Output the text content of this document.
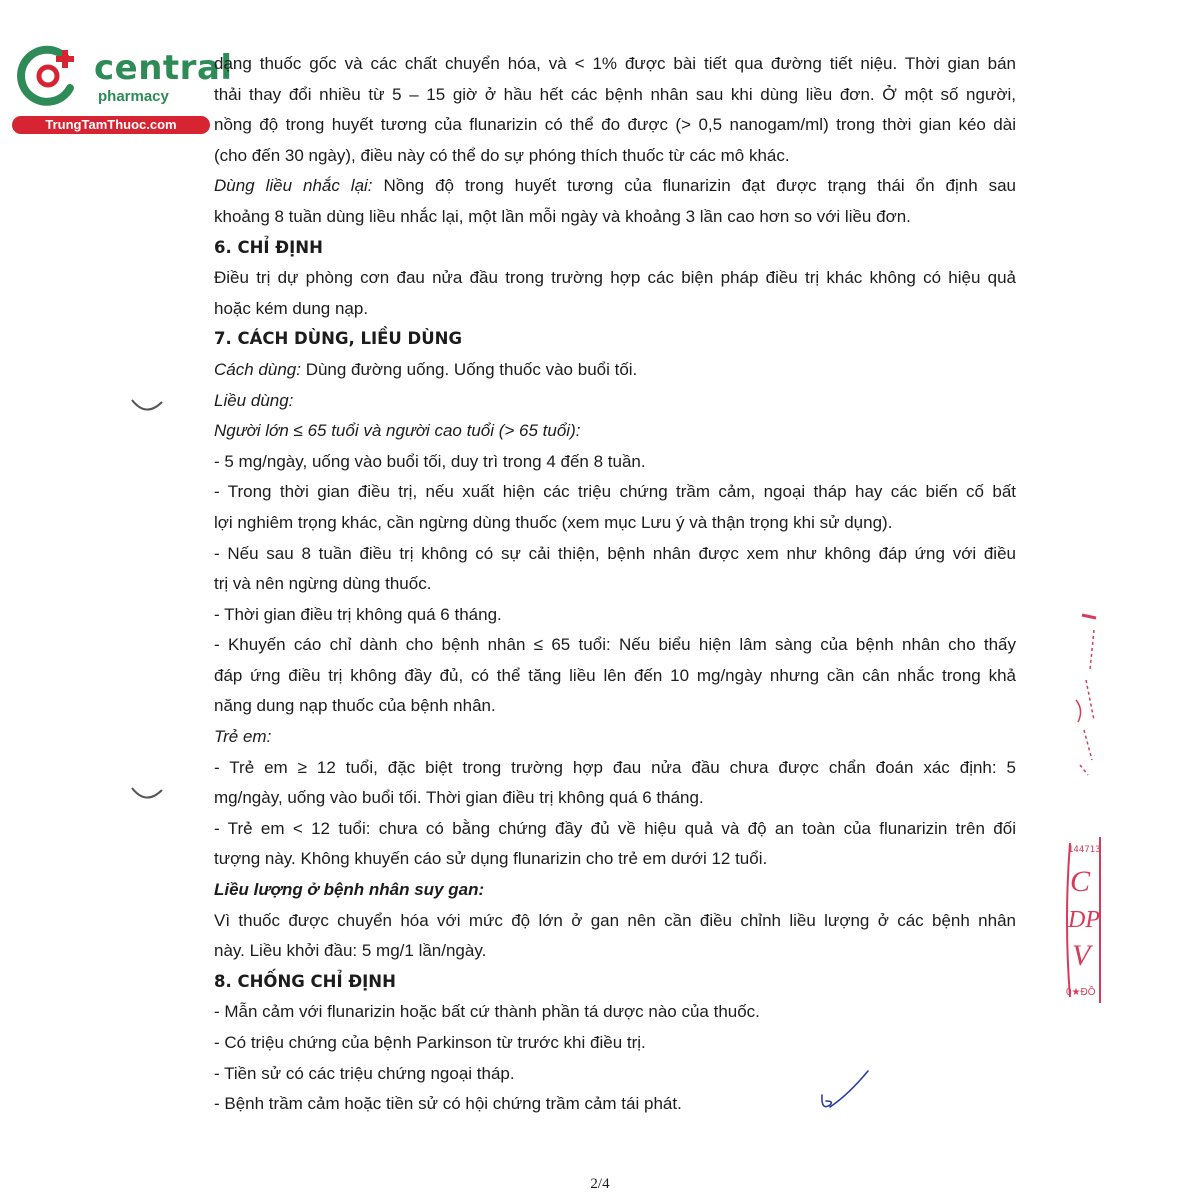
central
pharmacy
TrungTamThuoc.com
dạng thuốc gốc và các chất chuyển hóa, và < 1% được bài tiết qua đường tiết niệu. Thời gian bán
thải thay đổi nhiều từ 5 – 15 giờ ở hầu hết các bệnh nhân sau khi dùng liều đơn. Ở một số người,
nồng độ trong huyết tương của flunarizin có thể đo được (> 0,5 nanogam/ml) trong thời gian kéo dài
(cho đến 30 ngày), điều này có thể do sự phóng thích thuốc từ các mô khác.
Dùng liều nhắc lại: Nồng độ trong huyết tương của flunarizin đạt được trạng thái ổn định sau
khoảng 8 tuần dùng liều nhắc lại, một lần mỗi ngày và khoảng 3 lần cao hơn so với liều đơn.
6. CHỈ ĐỊNH
Điều trị dự phòng cơn đau nửa đầu trong trường hợp các biện pháp điều trị khác không có hiệu quả
hoặc kém dung nạp.
7. CÁCH DÙNG, LIỀU DÙNG
Cách dùng: Dùng đường uống. Uống thuốc vào buổi tối.
Liều dùng:
Người lớn ≤ 65 tuổi và người cao tuổi (> 65 tuổi):
- 5 mg/ngày, uống vào buổi tối, duy trì trong 4 đến 8 tuần.
- Trong thời gian điều trị, nếu xuất hiện các triệu chứng trầm cảm, ngoại tháp hay các biến cố bất
lợi nghiêm trọng khác, cần ngừng dùng thuốc (xem mục Lưu ý và thận trọng khi sử dụng).
- Nếu sau 8 tuần điều trị không có sự cải thiện, bệnh nhân được xem như không đáp ứng với điều
trị và nên ngừng dùng thuốc.
- Thời gian điều trị không quá 6 tháng.
- Khuyến cáo chỉ dành cho bệnh nhân ≤ 65 tuổi: Nếu biểu hiện lâm sàng của bệnh nhân cho thấy
đáp ứng điều trị không đầy đủ, có thể tăng liều lên đến 10 mg/ngày nhưng cần cân nhắc trong khả
năng dung nạp thuốc của bệnh nhân.
Trẻ em:
- Trẻ em ≥ 12 tuổi, đặc biệt trong trường hợp đau nửa đầu chưa được chẩn đoán xác định: 5
mg/ngày, uống vào buổi tối. Thời gian điều trị không quá 6 tháng.
- Trẻ em < 12 tuổi: chưa có bằng chứng đầy đủ về hiệu quả và độ an toàn của flunarizin trên đối
tượng này. Không khuyến cáo sử dụng flunarizin cho trẻ em dưới 12 tuổi.
Liều lượng ở bệnh nhân suy gan:
Vì thuốc được chuyển hóa với mức độ lớn ở gan nên cần điều chỉnh liều lượng ở các bệnh nhân
này. Liều khởi đầu: 5 mg/1 lần/ngày.
8. CHỐNG CHỈ ĐỊNH
- Mẫn cảm với flunarizin hoặc bất cứ thành phần tá dược nào của thuốc.
- Có triệu chứng của bệnh Parkinson từ trước khi điều trị.
- Tiền sử có các triệu chứng ngoại tháp.
- Bệnh trầm cảm hoặc tiền sử có hội chứng trầm cảm tái phát.
144713
C
DP
V
0★ĐỒ
2/4
